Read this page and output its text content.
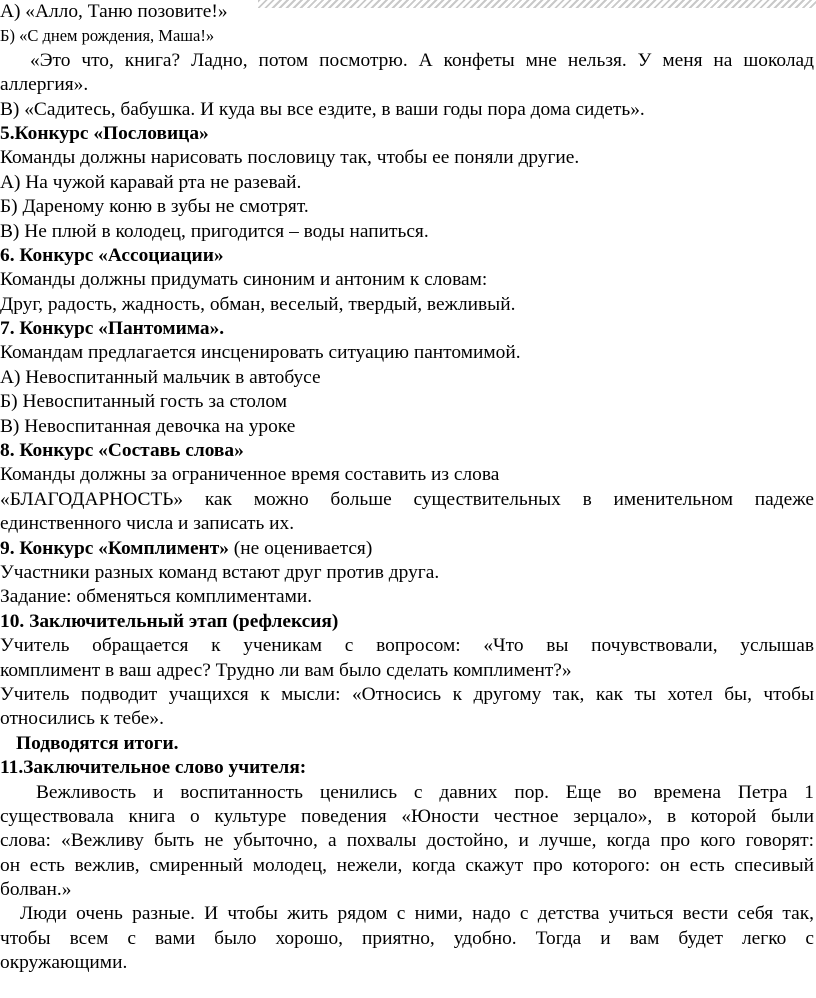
А) «Алло, Таню позовите!»
Б) «С днем рождения, Маша!»
«Это что, книга? Ладно, потом посмотрю. А конфеты мне нельзя. У меня на шоколад
аллергия».
В) «Садитесь, бабушка. И куда вы все ездите, в ваши годы пора дома сидеть».
5.Конкурс «Пословица»
Команды должны нарисовать пословицу так, чтобы ее поняли другие.
А) На чужой каравай рта не разевай.
Б) Дареному коню в зубы не смотрят.
В) Не плюй в колодец, пригодится – воды напиться.
6. Конкурс «Ассоциации»
Команды должны придумать синоним и антоним к словам:
Друг, радость, жадность, обман, веселый, твердый, вежливый.
7. Конкурс «Пантомима».
Командам предлагается инсценировать ситуацию пантомимой.
А) Невоспитанный мальчик в автобусе
Б) Невоспитанный гость за столом
В) Невоспитанная девочка на уроке
8. Конкурс «Составь слова»
Команды должны за ограниченное время составить из слова
«БЛАГОДАРНОСТЬ» как можно больше существительных в именительном падеже
единственного числа и записать их.
9. Конкурс «Комплимент» (не оценивается)
Участники разных команд встают друг против друга.
Задание: обменяться комплиментами.
10. Заключительный этап (рефлексия)
Учитель обращается к ученикам с вопросом: «Что вы почувствовали, услышав
комплимент в ваш адрес? Трудно ли вам было сделать комплимент?»
Учитель подводит учащихся к мысли: «Относись к другому так, как ты хотел бы, чтобы
относились к тебе».
Подводятся итоги.
11.Заключительное слово учителя:
Вежливость и воспитанность ценились с давних пор. Еще во времена Петра 1
существовала книга о культуре поведения «Юности честное зерцало», в которой были
слова: «Вежливу быть не убыточно, а похвалы достойно, и лучше, когда про кого говорят:
он есть вежлив, смиренный молодец, нежели, когда скажут про которого: он есть спесивый
болван.»
Люди очень разные. И чтобы жить рядом с ними, надо с детства учиться вести себя так,
чтобы всем с вами было хорошо, приятно, удобно. Тогда и вам будет легко с
окружающими.
